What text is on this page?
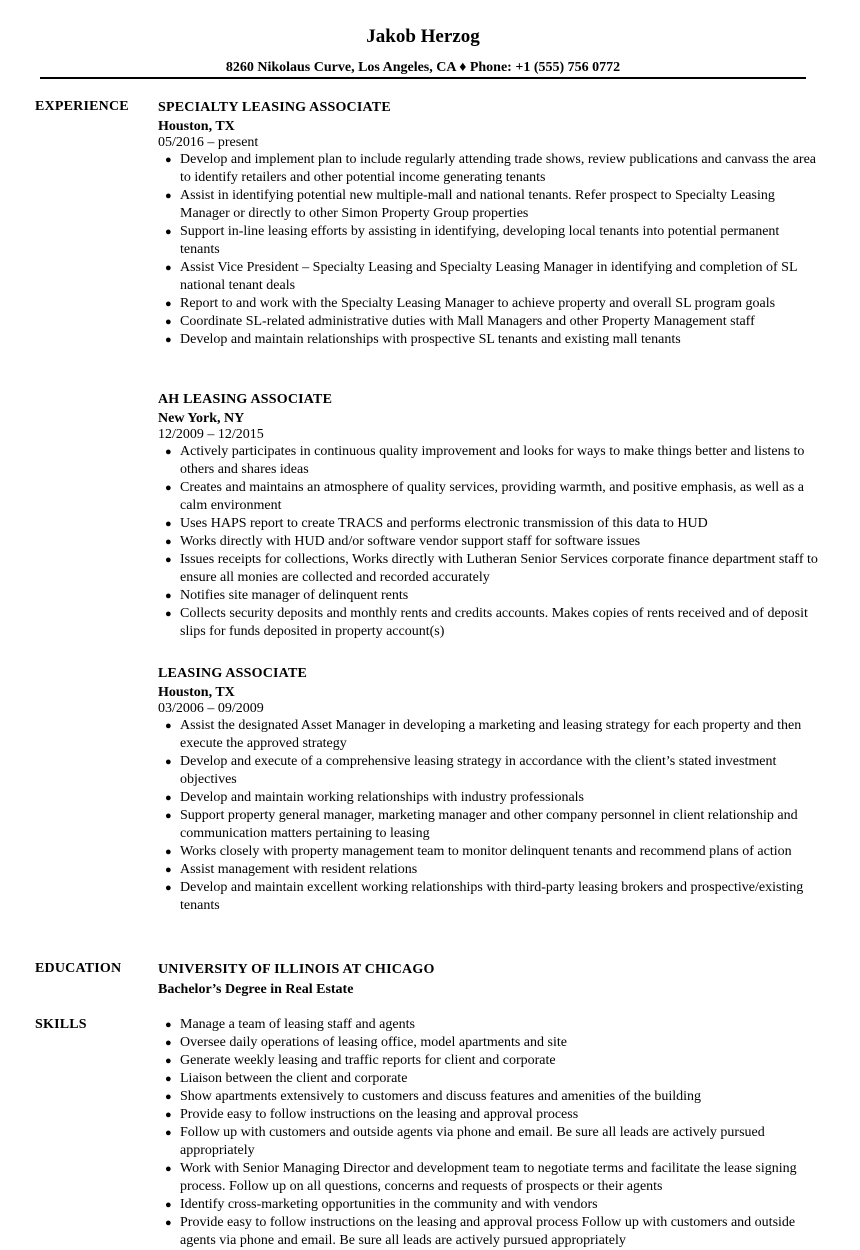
Jakob Herzog
8260 Nikolaus Curve, Los Angeles, CA ♦ Phone: +1 (555) 756 0772
EXPERIENCE SPECIALTY LEASING ASSOCIATE
Houston, TX
05/2016 – present
● Develop and implement plan to include regularly attending trade shows, review publications and canvass the area to identify retailers and other potential income generating tenants
● Assist in identifying potential new multiple-mall and national tenants. Refer prospect to Specialty Leasing Manager or directly to other Simon Property Group properties
● Support in-line leasing efforts by assisting in identifying, developing local tenants into potential permanent tenants
● Assist Vice President – Specialty Leasing and Specialty Leasing Manager in identifying and completion of SL national tenant deals
● Report to and work with the Specialty Leasing Manager to achieve property and overall SL program goals
● Coordinate SL-related administrative duties with Mall Managers and other Property Management staff
● Develop and maintain relationships with prospective SL tenants and existing mall tenants
AH LEASING ASSOCIATE
New York, NY
12/2009 – 12/2015
● Actively participates in continuous quality improvement and looks for ways to make things better and listens to others and shares ideas
● Creates and maintains an atmosphere of quality services, providing warmth, and positive emphasis, as well as a calm environment
● Uses HAPS report to create TRACS and performs electronic transmission of this data to HUD
● Works directly with HUD and/or software vendor support staff for software issues
● Issues receipts for collections, Works directly with Lutheran Senior Services corporate finance department staff to ensure all monies are collected and recorded accurately
● Notifies site manager of delinquent rents
● Collects security deposits and monthly rents and credits accounts. Makes copies of rents received and of deposit slips for funds deposited in property account(s)
LEASING ASSOCIATE
Houston, TX
03/2006 – 09/2009
● Assist the designated Asset Manager in developing a marketing and leasing strategy for each property and then execute the approved strategy
● Develop and execute of a comprehensive leasing strategy in accordance with the client’s stated investment objectives
● Develop and maintain working relationships with industry professionals
● Support property general manager, marketing manager and other company personnel in client relationship and communication matters pertaining to leasing
● Works closely with property management team to monitor delinquent tenants and recommend plans of action
● Assist management with resident relations
● Develop and maintain excellent working relationships with third-party leasing brokers and prospective/existing tenants
EDUCATION	UNIVERSITY OF ILLINOIS AT CHICAGO
Bachelor’s Degree in Real Estate
SKILLS	● Manage a team of leasing staff and agents
● Oversee daily operations of leasing office, model apartments and site
● Generate weekly leasing and traffic reports for client and corporate
● Liaison between the client and corporate
● Show apartments extensively to customers and discuss features and amenities of the building
● Provide easy to follow instructions on the leasing and approval process
● Follow up with customers and outside agents via phone and email. Be sure all leads are actively pursued appropriately
● Work with Senior Managing Director and development team to negotiate terms and facilitate the lease signing process. Follow up on all questions, concerns and requests of prospects or their agents
● Identify cross-marketing opportunities in the community and with vendors
● Provide easy to follow instructions on the leasing and approval process Follow up with customers and outside agents via phone and email. Be sure all leads are actively pursued appropriately
